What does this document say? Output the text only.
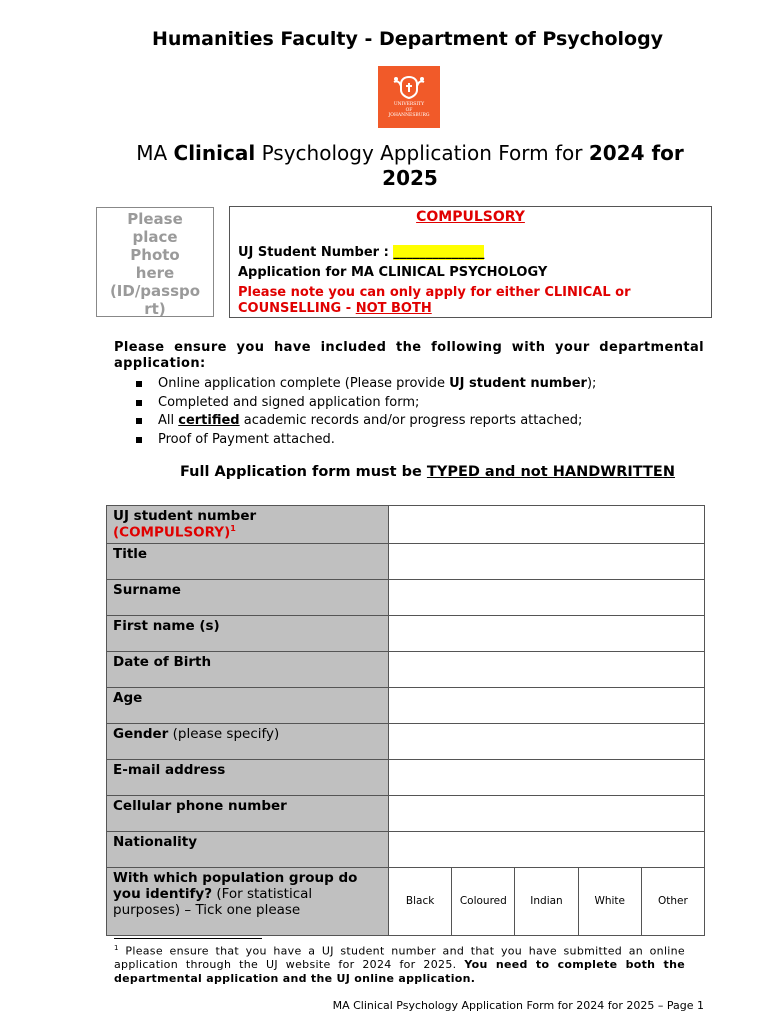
Humanities Faculty - Department of Psychology
UNIVERSITY
OF
JOHANNESBURG
MA Clinical Psychology Application Form for 2024 for 2025
Please
place
Photo
here
(ID/passpo
rt)
COMPULSORY
UJ Student Number : ______________
Application for MA CLINICAL PSYCHOLOGY
Please note you can only apply for either CLINICAL or
COUNSELLING - NOT BOTH
Please ensure you have included the following with your departmental application:
Online application complete (Please provide UJ student number);
Completed and signed application form;
All certified academic records and/or progress reports attached;
Proof of Payment attached.
Full Application form must be TYPED and not HANDWRITTEN
UJ student number
(COMPULSORY)$^1$	
Title	
Surname	
First name (s)	
Date of Birth	
Age	
Gender (please specify)	
E-mail address	
Cellular phone number	
Nationality	
With which population group do you identify? (For statistical purposes) – Tick one please	Black Coloured Indian White Other
$^1$ Please ensure that you have a UJ student number and that you have submitted an online application through the UJ website for 2024 for 2025. You need to complete both the departmental application and the UJ online application.
MA Clinical Psychology Application Form for 2024 for 2025 – Page 1
